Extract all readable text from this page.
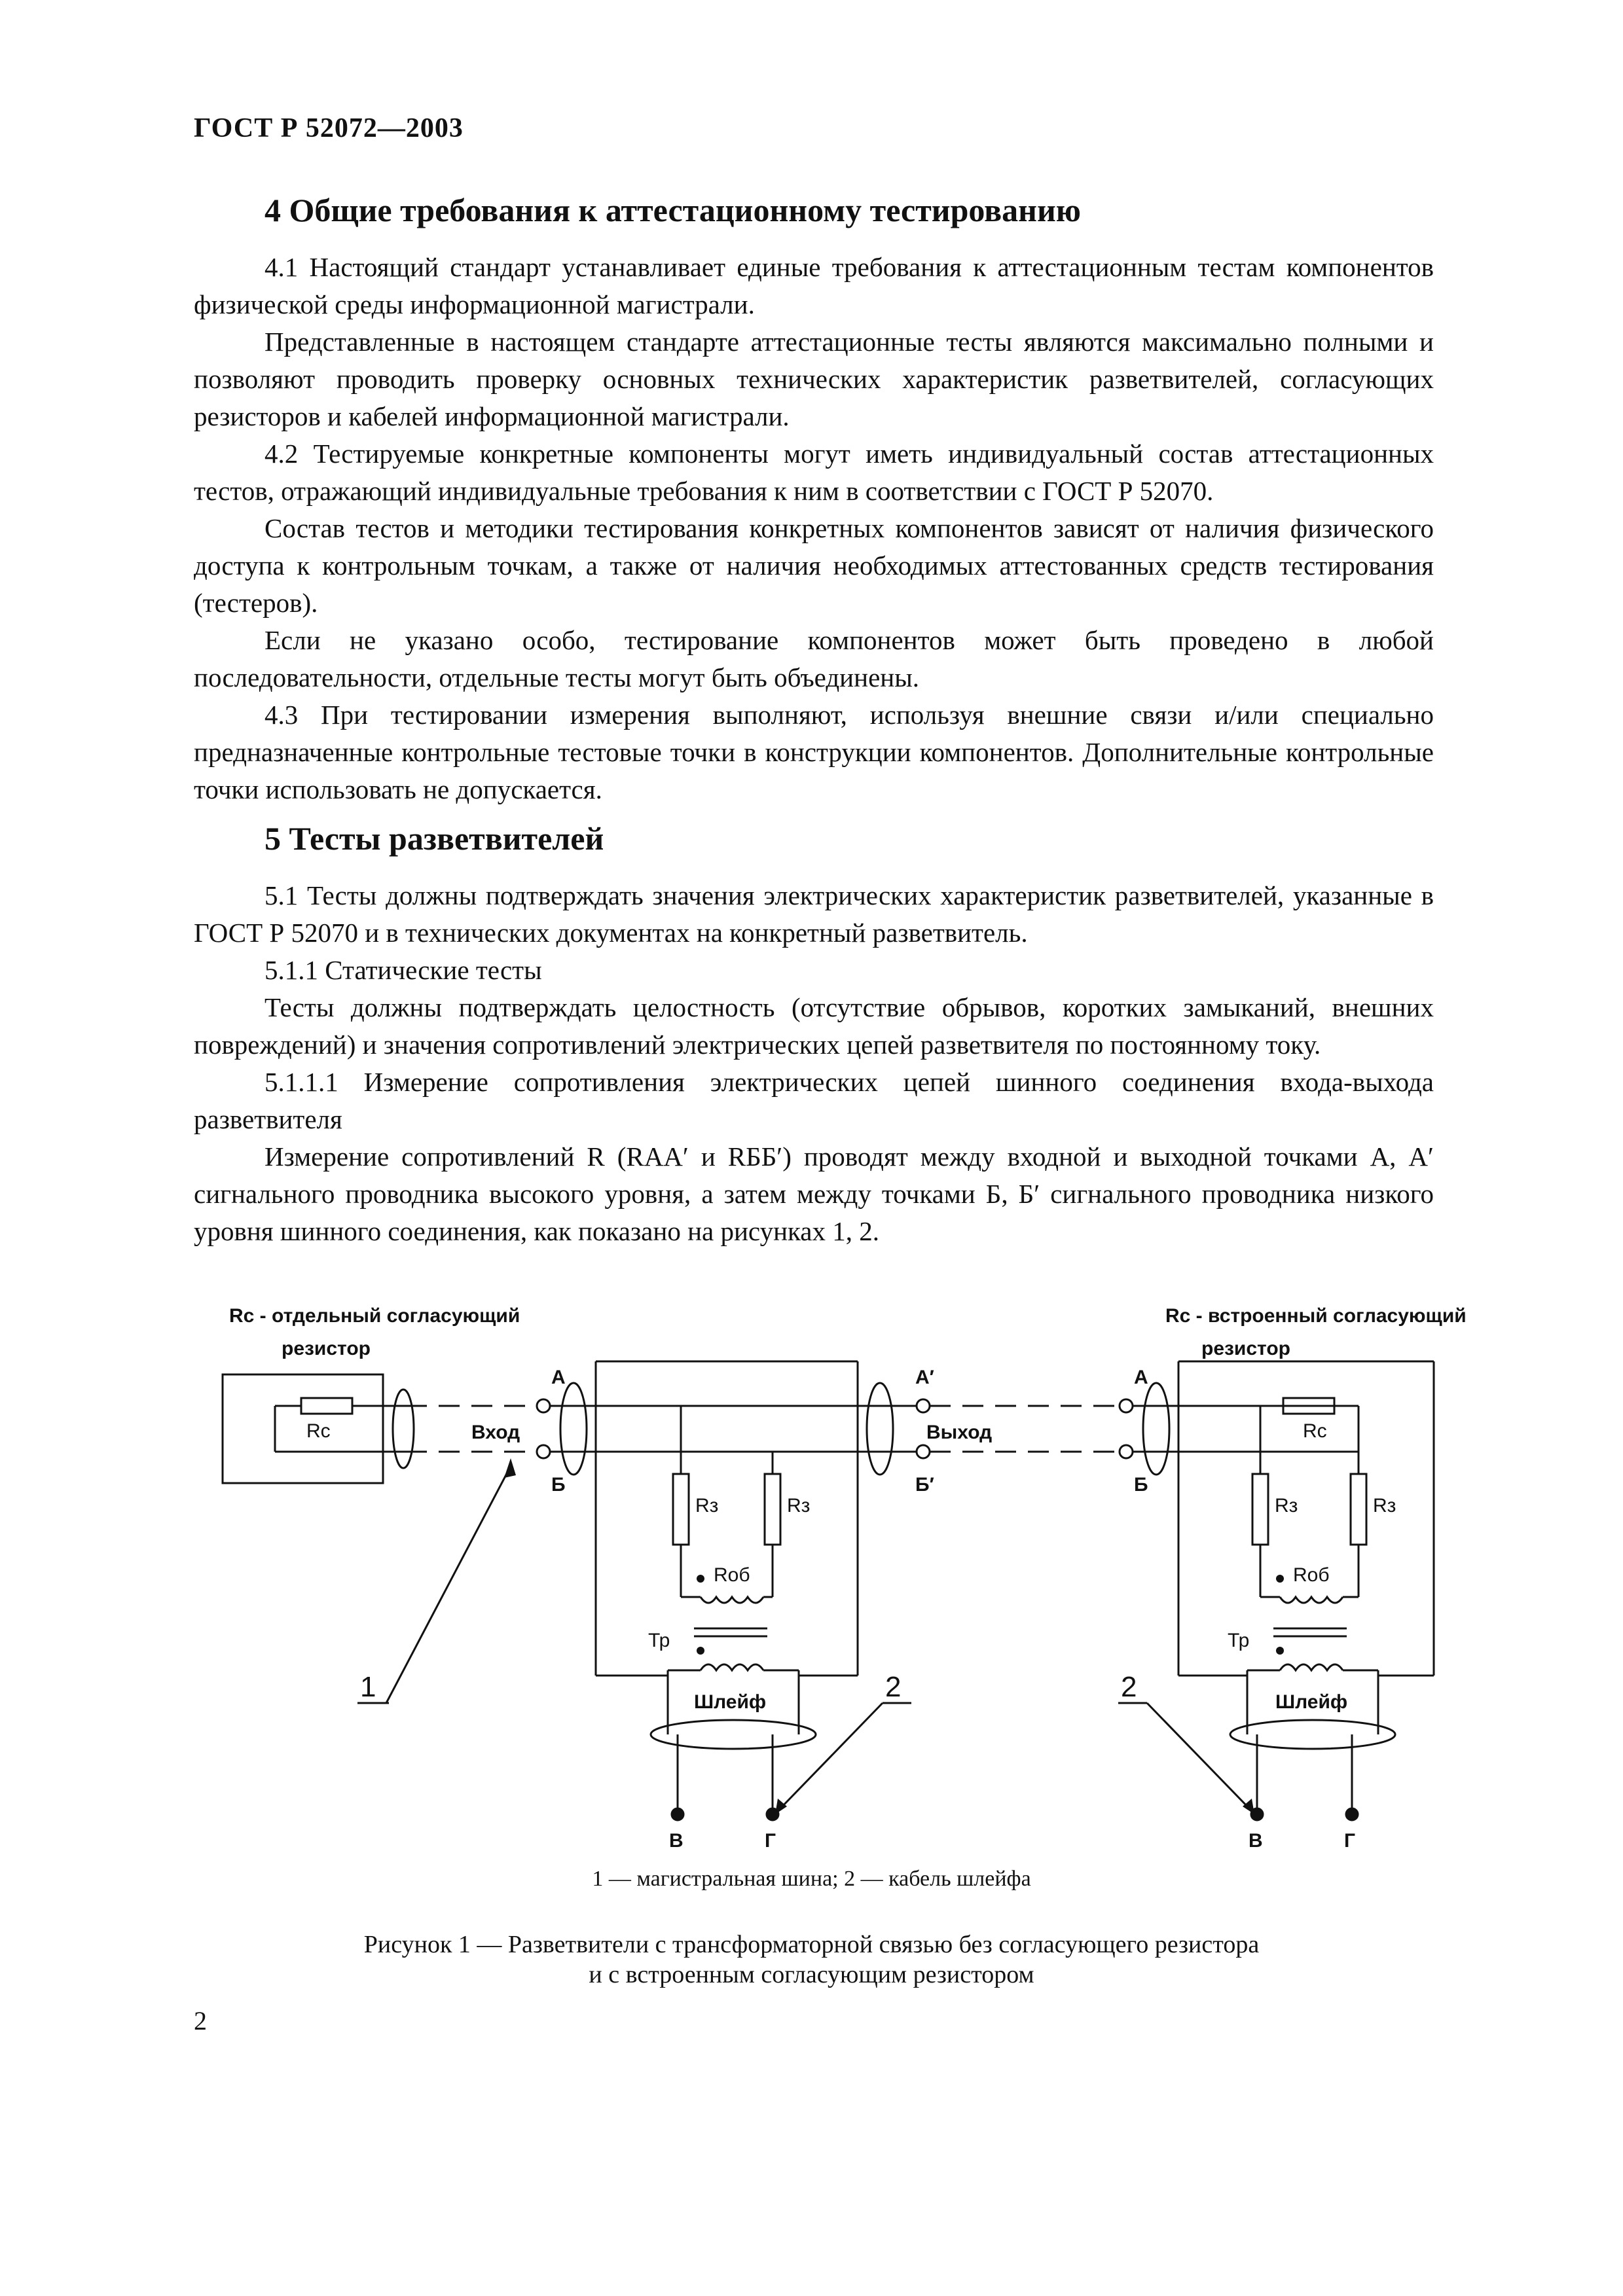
ГОСТ Р 52072—2003
4 Общие требования к аттестационному тестированию

4.1 Настоящий стандарт устанавливает единые требования к аттестационным тестам компонентов физической среды информационной магистрали.

Представленные в настоящем стандарте аттестационные тесты являются максимально полными и позволяют проводить проверку основных технических характеристик разветвителей, согласующих резисторов и кабелей информационной магистрали.

4.2 Тестируемые конкретные компоненты могут иметь индивидуальный состав аттестационных тестов, отражающий индивидуальные требования к ним в соответствии с ГОСТ Р 52070.

Состав тестов и методики тестирования конкретных компонентов зависят от наличия физического доступа к контрольным точкам, а также от наличия необходимых аттестованных средств тестирования (тестеров).

Если не указано особо, тестирование компонентов может быть проведено в любой последовательности, отдельные тесты могут быть объединены.

4.3 При тестировании измерения выполняют, используя внешние связи и/или специально предназначенные контрольные тестовые точки в конструкции компонентов. Дополнительные контрольные точки использовать не допускается.

5 Тесты разветвителей

5.1 Тесты должны подтверждать значения электрических характеристик разветвителей, указанные в ГОСТ Р 52070 и в технических документах на конкретный разветвитель.

5.1.1 Статические тесты

Тесты должны подтверждать целостность (отсутствие обрывов, коротких замыканий, внешних повреждений) и значения сопротивлений электрических цепей разветвителя по постоянному току.

5.1.1.1 Измерение сопротивления электрических цепей шинного соединения входа-выхода разветвителя

Измерение сопротивлений R (RAA′ и RББ′) проводят между входной и выходной точками А, А′ сигнального проводника высокого уровня, а затем между точками Б, Б′ сигнального проводника низкого уровня шинного соединения, как показано на рисунках 1, 2.

Rс - отдельный согласующий
резистор
Rс - встроенный согласующий
резистор
Rс	Rс
Вход	Выход
А
Б
А′
Б′
А
Б
Rз	Rз	Rз	Rз
Rоб	Rоб
Тр	Тр
Шлейф	Шлейф
В	Г	В	Г
1	2	2
1 — магистральная шина; 2 — кабель шлейфа
Рисунок 1 — Разветвители с трансформаторной связью без согласующего резистора
и с встроенным согласующим резистором
2
